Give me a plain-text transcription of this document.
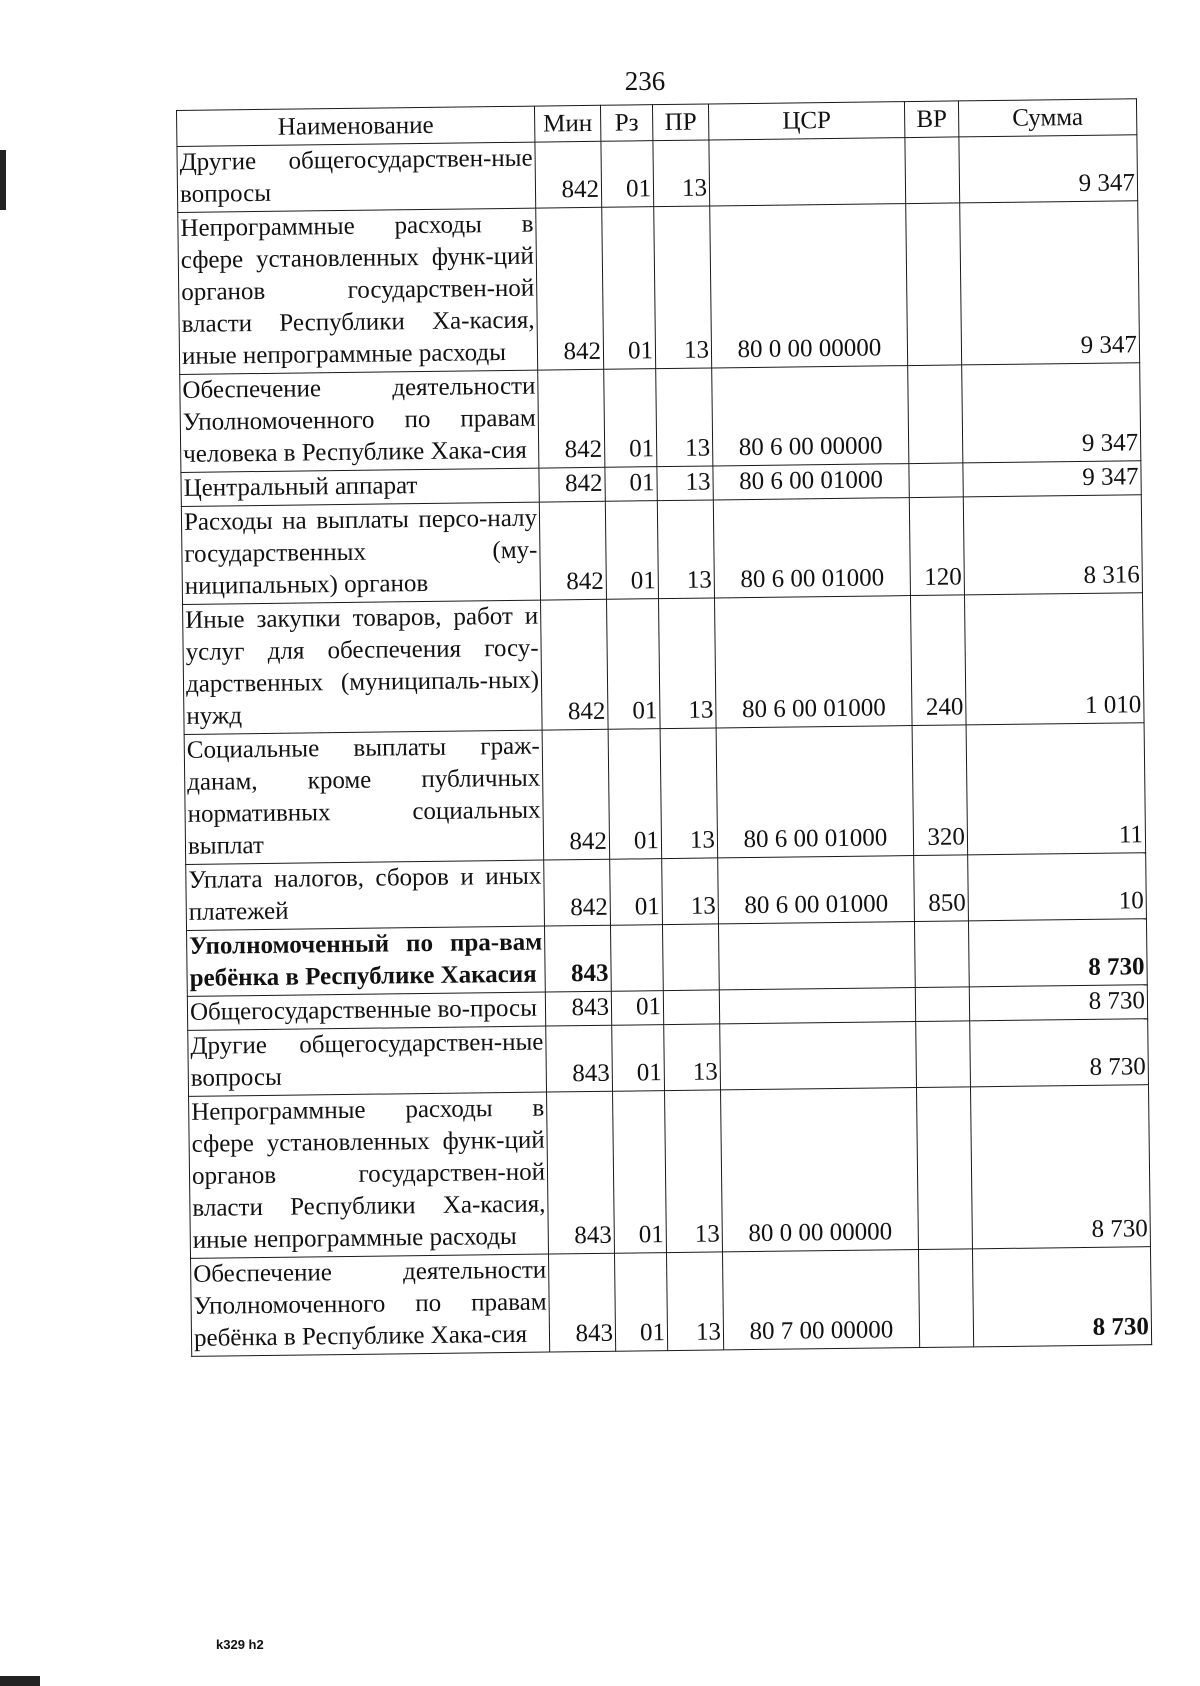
236
Наименование	Мин	Рз	ПР	ЦСР	ВР	Сумма
Другие общегосударствен-ные вопросы	842	01	13			9 347
Непрограммные расходы в сфере установленных функ-ций органов государствен-ной власти Республики Ха-касия, иные непрограммные расходы	842	01	13	80 0 00 00000		9 347
Обеспечение деятельности Уполномоченного по правам человека в Республике Хака-сия	842	01	13	80 6 00 00000		9 347
Центральный аппарат	842	01	13	80 6 00 01000		9 347
Расходы на выплаты персо-налу государственных (му-ниципальных) органов	842	01	13	80 6 00 01000	120	8 316
Иные закупки товаров, работ и услуг для обеспечения госу-дарственных (муниципаль-ных) нужд	842	01	13	80 6 00 01000	240	1 010
Социальные выплаты граж-данам, кроме публичных нормативных социальных выплат	842	01	13	80 6 00 01000	320	11
Уплата налогов, сборов и иных платежей	842	01	13	80 6 00 01000	850	10
Уполномоченный по пра-вам ребёнка в Республике Хакасия	843					8 730
Общегосударственные во-просы	843	01				8 730
Другие общегосударствен-ные вопросы	843	01	13			8 730
Непрограммные расходы в сфере установленных функ-ций органов государствен-ной власти Республики Ха-касия, иные непрограммные расходы	843	01	13	80 0 00 00000		8 730
Обеспечение деятельности Уполномоченного по правам ребёнка в Республике Хака-сия	843	01	13	80 7 00 00000		8 730
k329 h2
